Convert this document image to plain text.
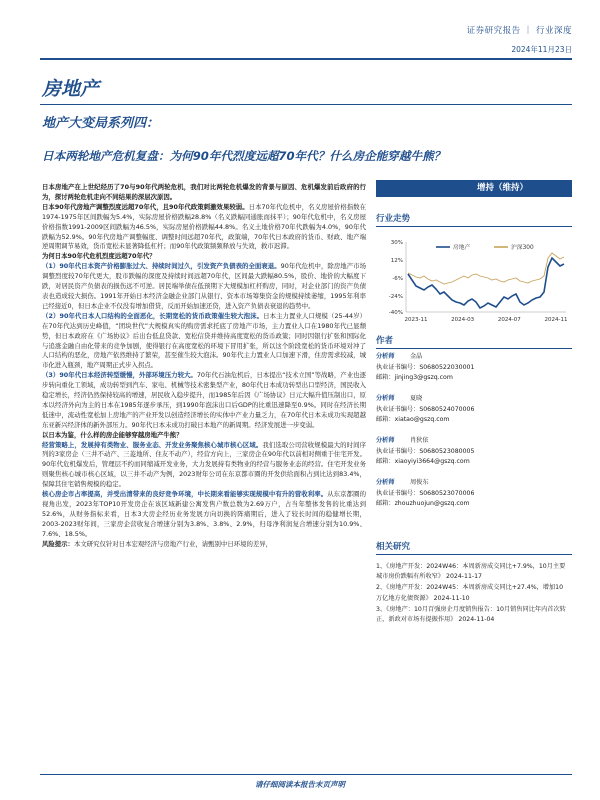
证券研究报告 ｜ 行业深度
2024年11月23日
房地产
地产大变局系列四：
日本两轮地产危机复盘：为何90年代烈度远超70年代？什么房企能穿越牛熊？

日本房地产在上世纪经历了70与90年代两轮危机，我们对比两轮危机爆发的背景与原因、危机爆发前后政府的行为，探讨两轮危机走向不同结果的深层次原因。

日本90年代房地产调整烈度远超70年代，且90年代政策刺激效果较弱。日本70年代危机中，名义房屋价格指数在1974-1975年区间跌幅为5.4%，实际房屋价格跌幅28.8%（名义跌幅同通胀而抹平）；90年代危机中，名义房屋价格指数1991-2009区间跌幅为46.5%，实际房屋价格跌幅44.8%。名义土地价格70年代跌幅为4.0%，90年代跌幅为52.9%。90年代房地产调整幅度、调整时间远超70年代，政策端，70年代日本政府的货币、财政、地产端逆周期调节易效，货币宽松未显著降低杠杆；而90年代政策频频释放与失效，救市迟滞。

为何日本90年代危机烈度远超70年代？

（1）90年代日本资产价格膨胀过大、持续时间过久，引发资产负债表的全面衰退。90年代危机中，除房地产市场调整烈度较70年代更大，股市跌幅的深度及持续时间远超70年代，区间最大跌幅80.5%，股价、地价的大幅度下跌，对居民资产负债表的损伤远不可逆。居民端举债在低预期下大规模加杠杆购房，同时，对企业部门的资产负债表也造成较大损伤。1991年开始日本经济金融企业部门从银行、资本市场筹集资金的规模持续萎缩，1995年利率已经接近0，但日本企业不仅没有增加借贷，反而开始加速还贷，进入资产负债表衰退的趋势中。

（2）90年代日本人口结构的全面恶化，长期宽松的货币政策催生较大泡沫。日本主力置业人口规模（25-44岁）在70年代达到历史峰值，“团块世代”大规模真实的购房需求托底了房地产市场，主力置业人口在1980年代已显颓势，但日本政府在《广场协议》后出台低息贷款、宽松信贷并维持高度宽松的货币政策；同时因银行扩张和国际化与追涨金融自由化带来的竞争加剧，使得银行在高度宽松的环境下冒用扩张，所以这个阶段宽松的货币环境对冲了人口结构的恶化，房地产依然维持了繁荣，甚至催生较大泡沫。90年代主力置业人口加速下滑，住房需求较减，城市化进入瓶颈，地产周期正式步入拐点。

（3）90年代日本经济转型缓慢，外部环境压力较大。70年代石油危机后，日本提出“技术立国”等战略，产业也逐步转向重化工领域，成功转型到汽车、家电、机械等技术密集型产业，80年代日本成功转型出口型经济，国民收入稳定增长，经济仍然保持较高的增速，居民收入稳步提升，而1985年后因《广场协议》日元大幅升值压制出口，原本以经济外向为主的日本在1985年逐步承压，到1990年泡沫出口后GDP的比重迅速降至0.9%。同时在经济长期低迷中，流动性宽松加上房地产的产业开发以创造经济增长的实体中产业力量乏力，在70年代日本未成功实现超越东亚新兴经济体的新外部压力。90年代日本未成功打破日本地产的新周期。经济发展进一步变弱。

以日本为鉴，什么样的房企能够穿越房地产牛熊？

经营策略上，发展持有类物业、服务业态、开发业务聚焦核心城市核心区域。我们选取公司营收规模最大的时间序列的3家房企（三井不动产、三菱地所、住友不动产），经营方向上，三家房企在90年代以前相对侧重于住宅开发。90年代危机爆发后，管理层不约而同缩减开发业务，大力发展持有类物业的经营与服务业态的经营。住宅开发业务则聚焦核心城市核心区域，以三井不动产为例，2023财年公司在东京都市圈的开发供给面积占到比达到83.4%，保障其住宅销售规模的稳定。

核心房企市占率提高，并受出清带来的良好竞争环境，中长期来看能够实现规模中有升的营收利率。从东京都圈的视角出发，2023年TOP10开发房企在该区域新建公寓发售户数总数为2.69万户，占当年整体发售的比重达到52.6%，从财务指标来看，日本3大房企经历业务发展方向切换的阵痛期后，进入了较长时间的稳健增长期，2003-2023财年间，三家房企营收复合增速分别为3.8%、3.8%、2.9%，归母净利润复合增速分别为10.9%、7.6%、18.5%。

风险提示：本文研究仅针对日本宏观经济与房地产行业，请甄别中日环境的差异，

增持（维持）
行业走势
房地产	沪深300
30%
12%
-6%
-24%
-40%
2023-11	2024-03	2024-07	2024-11
作者
分析师	金晶
执业证书编号：S0680522030001
邮箱：jinjing3@gszq.com
分析师	夏晓
执业证书编号：S0680524070006
邮箱：xiatao@gszq.com
分析师	肖狄依
执业证书编号：S0680523080005
邮箱：xiaoyiyi3664@gszq.com
分析师	周俊东
执业证书编号：S0680523070006
邮箱：zhouzhuojun@gszq.com
相关研究

1、《房地产开发：2024W46：本周新房成交同比+7.9%，10月主要城市房价跌幅有所收窄》 2024-11-17

2、《房地产开发：2024W45：本周新房成交同比+27.4%，增加10万亿地方化债资源》 2024-11-10

3、《房地产：10月百强房企月度销售报告：10月销售同比年内首次转正，新政对市场有提振作用》 2024-11-04

请仔细阅读本报告末页声明
